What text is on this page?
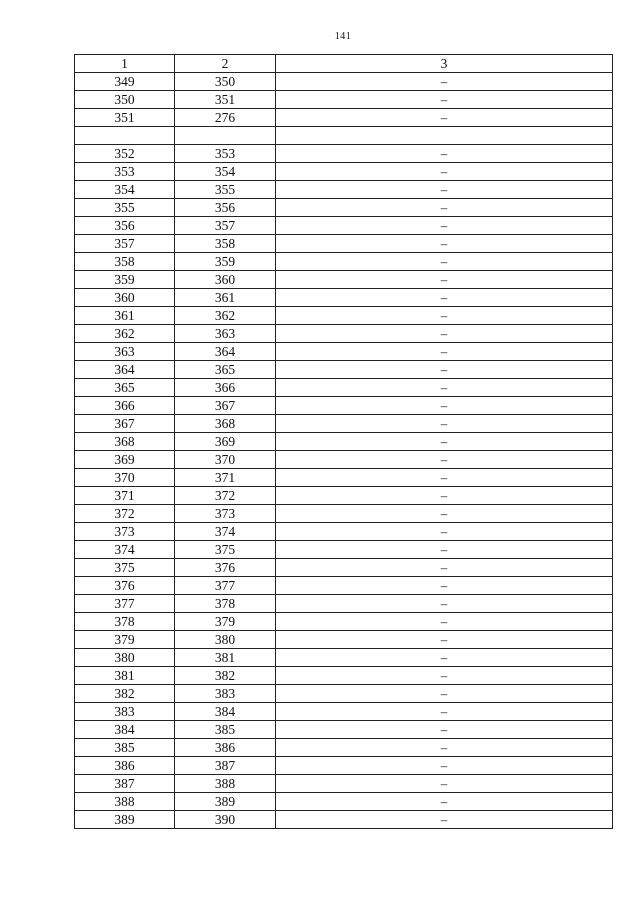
141
1	2	3
349	350	–
350	351	–
351	276	–

352	353	–
353	354	–
354	355	–
355	356	–
356	357	–
357	358	–
358	359	–
359	360	–
360	361	–
361	362	–
362	363	–
363	364	–
364	365	–
365	366	–
366	367	–
367	368	–
368	369	–
369	370	–
370	371	–
371	372	–
372	373	–
373	374	–
374	375	–
375	376	–
376	377	–
377	378	–
378	379	–
379	380	–
380	381	–
381	382	–
382	383	–
383	384	–
384	385	–
385	386	–
386	387	–
387	388	–
388	389	–
389	390	–
